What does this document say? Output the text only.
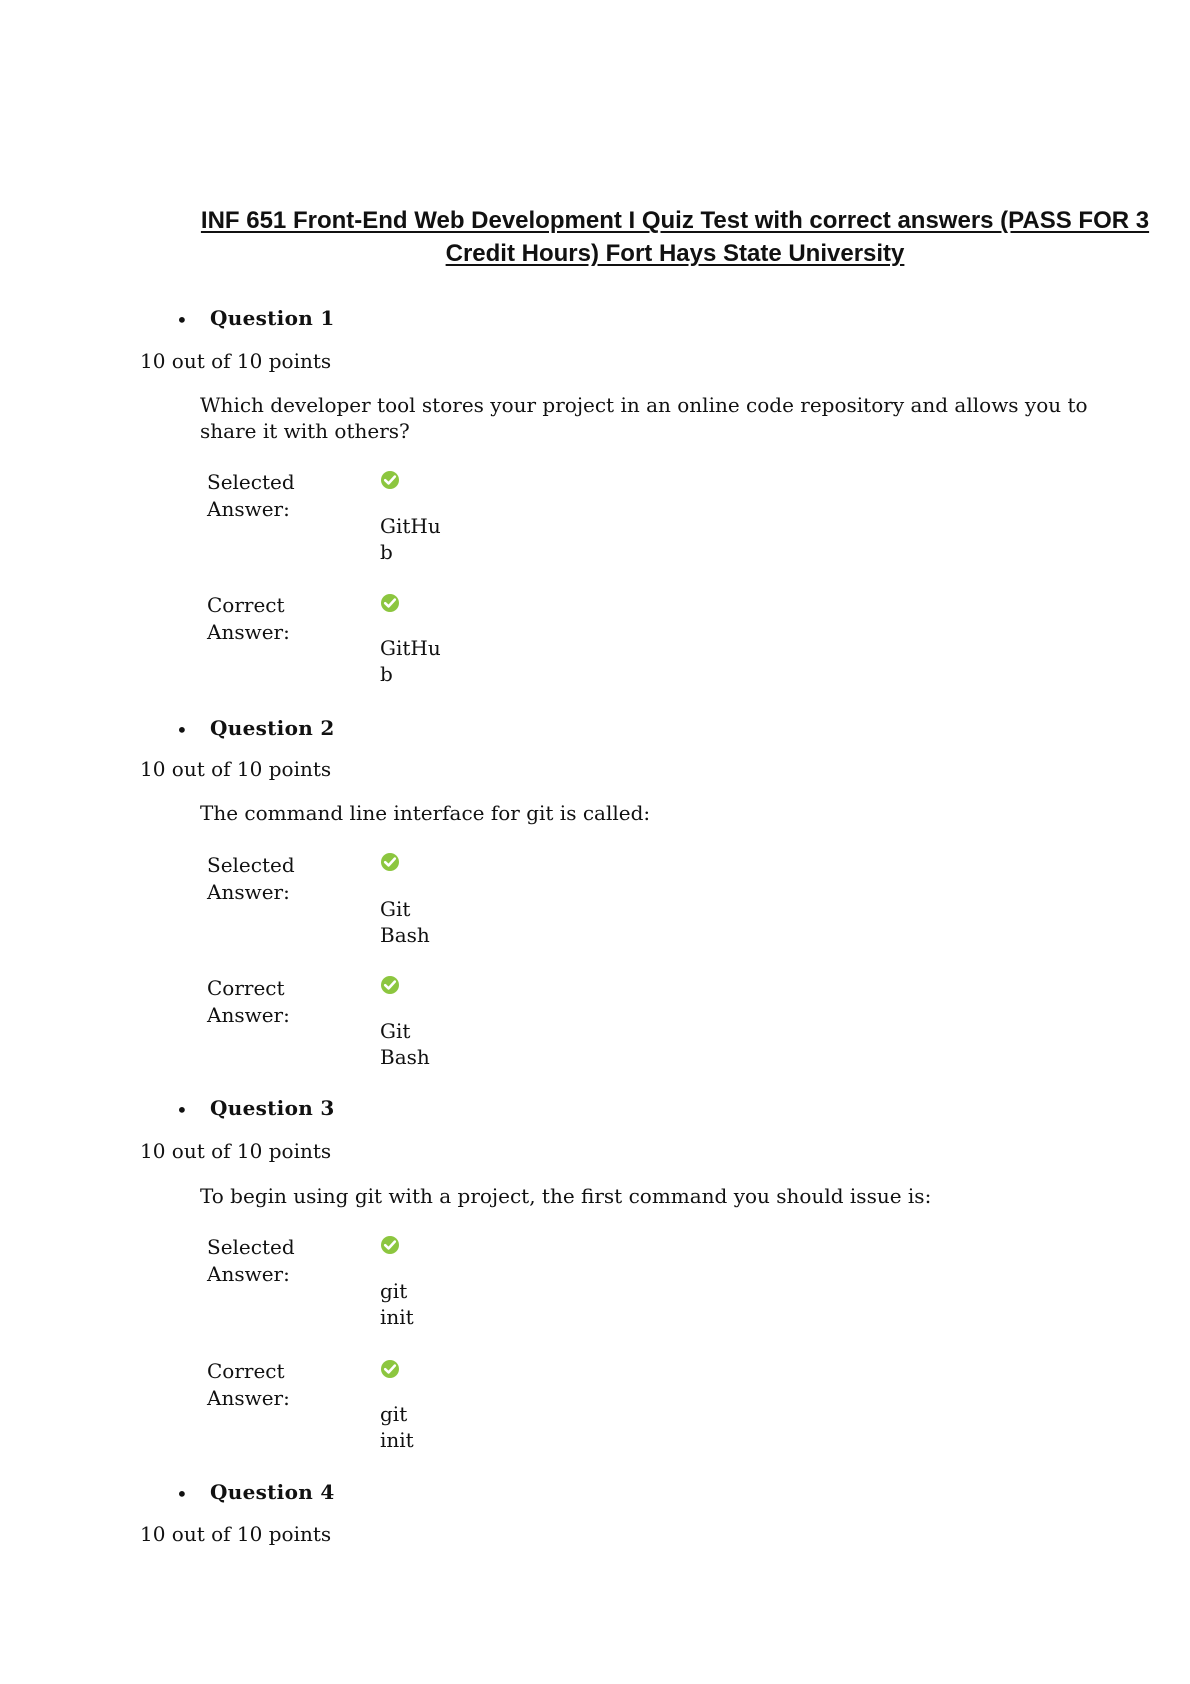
INF 651 Front-End Web Development I Quiz Test with correct answers (PASS FOR 3 Credit Hours) Fort Hays State University
• Question 1
10 out of 10 points
Which developer tool stores your project in an online code repository and allows you to share it with others?
Selected
Answer:
GitHu
b
Correct
Answer:
GitHu
b
• Question 2
10 out of 10 points
The command line interface for git is called:
Selected
Answer:
Git
Bash
Correct
Answer:
Git
Bash
• Question 3
10 out of 10 points
To begin using git with a project, the first command you should issue is:
Selected
Answer:
git
init
Correct
Answer:
git
init
• Question 4
10 out of 10 points
